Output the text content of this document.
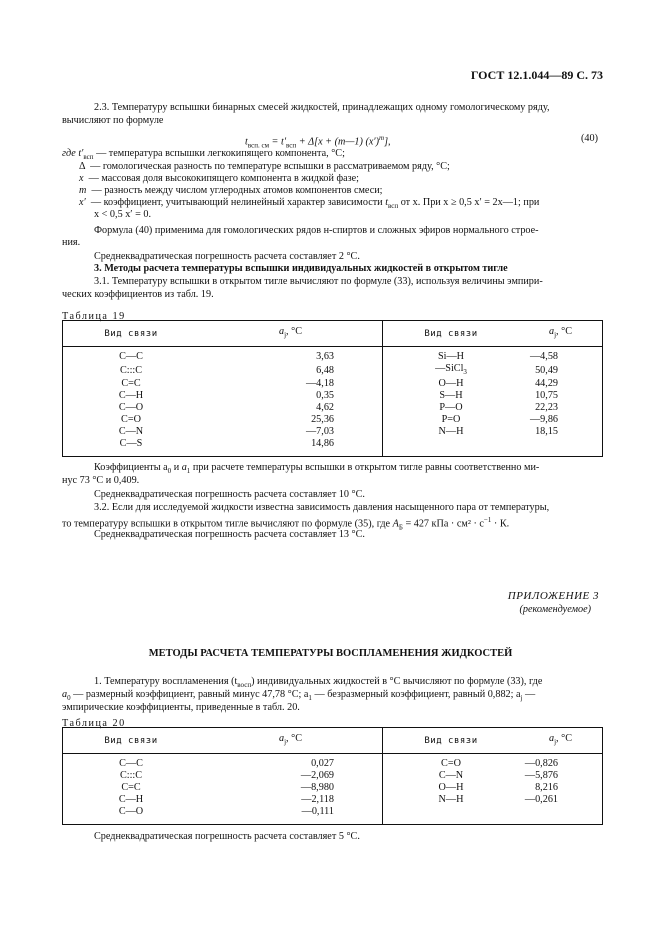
ГОСТ 12.1.044—89 С. 73
2.3. Температуру вспышки бинарных смесей жидкостей, принадлежащих одному гомологическому ряду,
вычисляют по формуле
$t_{всп. см} = t'_{всп} + \Delta[x$ + (m—1) $(x')^m$],	(40)
где $t'_{всп}$ — температура вспышки легкокипящего компонента, °С;
Δ — гомологическая разность по температуре вспышки в рассматриваемом ряду, °С;
x — массовая доля высококипящего компонента в жидкой фазе;
m — разность между числом углеродных атомов компонентов смеси;
x′ — коэффициент, учитывающий нелинейный характер зависимости $t_{всп}$ от x. При x ≥ 0,5 x′ = 2x—1; при
x < 0,5 x′ = 0.
Формула (40) применима для гомологических рядов н-спиртов и сложных эфиров нормального строе-
ния.
Среднеквадратическая погрешность расчета составляет 2 °С.
3. Методы расчета температуры вспышки индивидуальных жидкостей в открытом тигле
3.1. Температуру вспышки в открытом тигле вычисляют по формуле (33), используя величины эмпири-
ческих коэффициентов из табл. 19.
Таблица 19
Вид связи	$a_j$, °С	Вид связи	$a_j$, °С
C—C	3,63	Si—H	—4,58
C:::C	6,48	—SiCl$_3$	50,49
C=C	—4,18	O—H	44,29
C—H	0,35	S—H	10,75
C—O	4,62	P—O	22,23
C=O	25,36	P=O	—9,86
C—N	—7,03	N—H	18,15
C—S	14,86		
Коэффициенты $a_0$ и $a_1$ при расчете температуры вспышки в открытом тигле равны соответственно ми-
нус 73 °С и 0,409.
Среднеквадратическая погрешность расчета составляет 10 °С.
3.2. Если для исследуемой жидкости известна зависимость давления насыщенного пара от температуры,
то температуру вспышки в открытом тигле вычисляют по формуле (35), где $A_Б = 427$ кПа · $см^2 \cdot с^{-1} \cdot К$.
Среднеквадратическая погрешность расчета составляет 13 °С.
ПРИЛОЖЕНИЕ 3
(рекомендуемое)
МЕТОДЫ РАСЧЕТА ТЕМПЕРАТУРЫ ВОСПЛАМЕНЕНИЯ ЖИДКОСТЕЙ
1. Температуру воспламенения $(t_{восп})$ индивидуальных жидкостей в °С вычисляют по формуле (33), где
$a_0$ — размерный коэффициент, равный минус 47,78 °С; $a_1$ — безразмерный коэффициент, равный 0,882; $a_j$ —
эмпирические коэффициенты, приведенные в табл. 20.
Таблица 20
Вид связи	$a_j$, °С	Вид связи	$a_j$, °С
C—C	0,027	C=O	—0,826
C:::C	—2,069	C—N	—5,876
C=C	—8,980	O—H	8,216
C—H	—2,118	N—H	—0,261
C—O	—0,111		
Среднеквадратическая погрешность расчета составляет 5 °С.
